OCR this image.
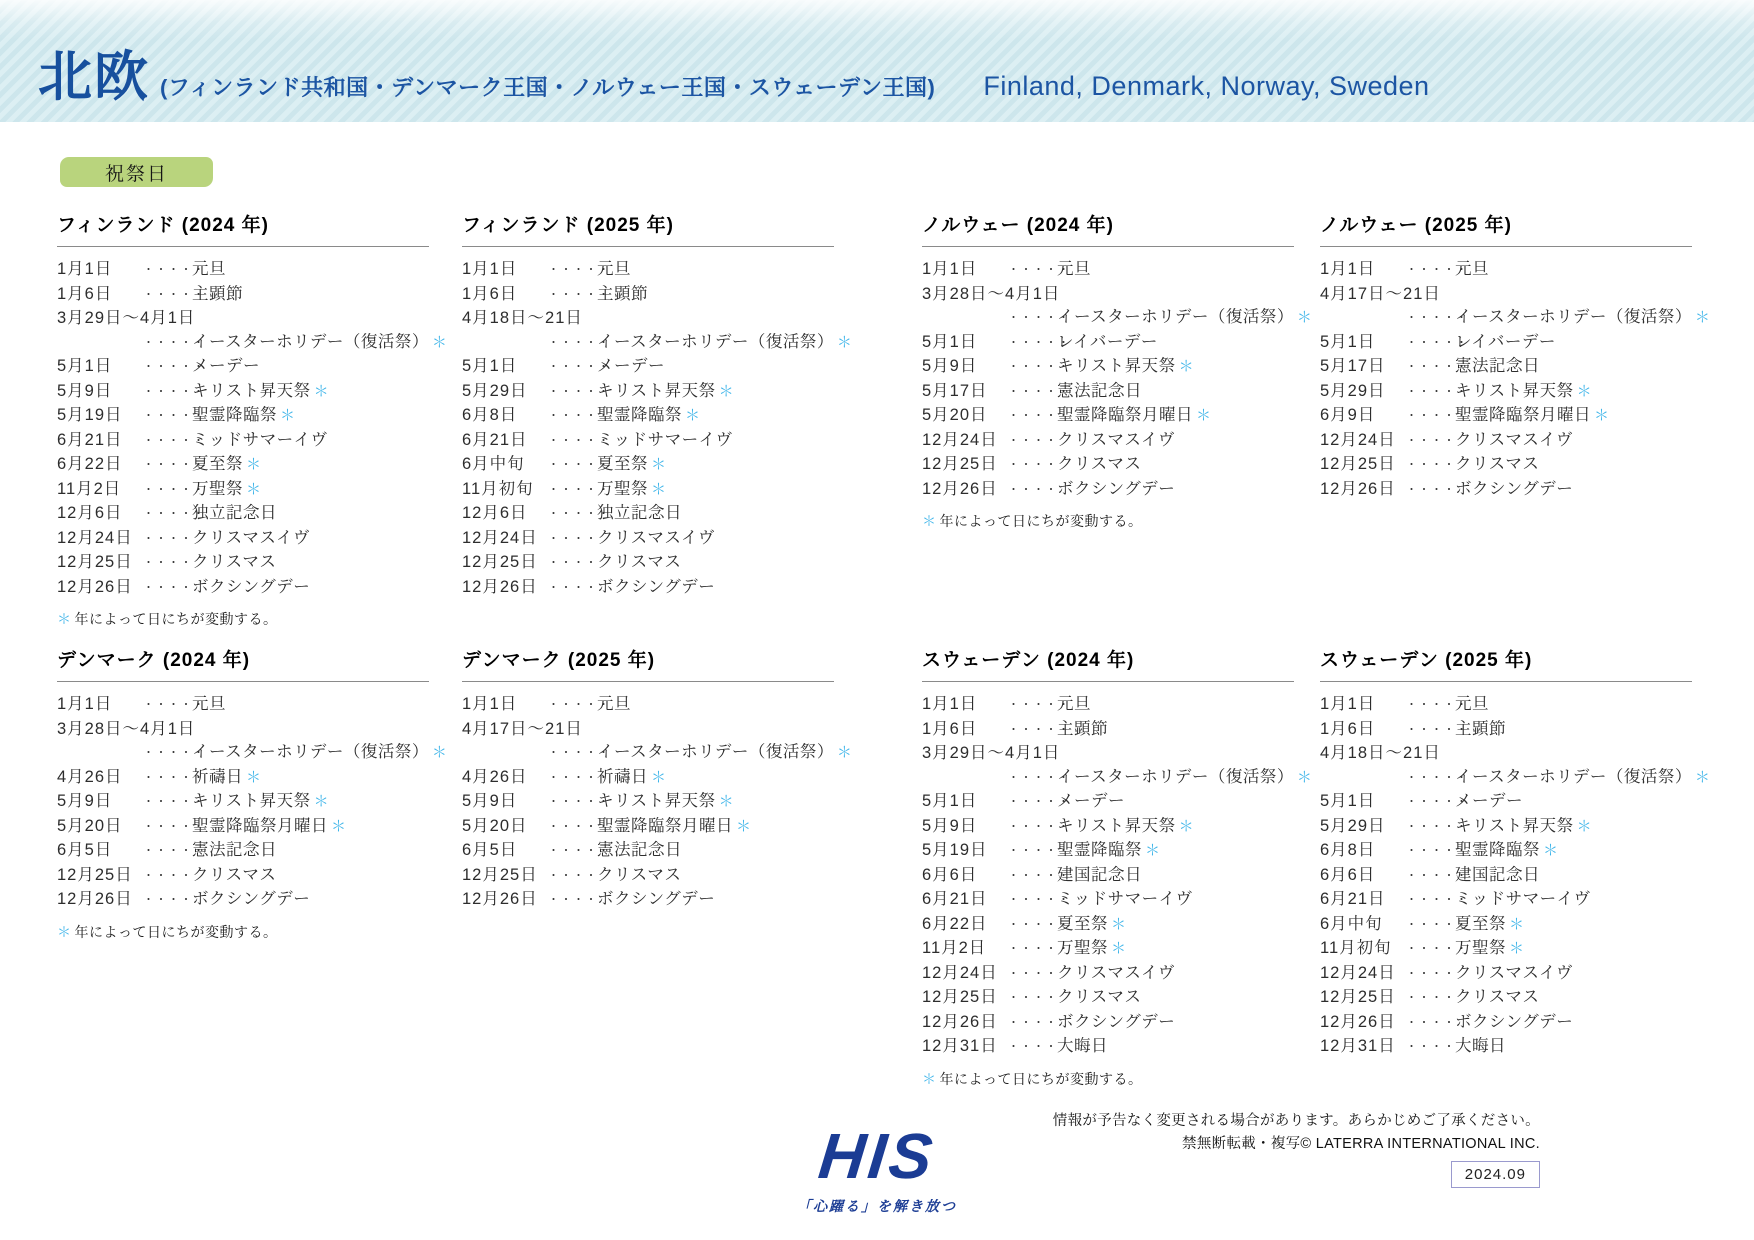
北欧 (フィンランド共和国・デンマーク王国・ノルウェー王国・スウェーデン王国) Finland, Denmark, Norway, Sweden
祝祭日
フィンランド (2024 年)
1月1日	・・・・・元旦
1月6日	・・・・・主顕節
3月29日～4月1日
・・・・・イースターホリデー（復活祭） ＊
5月1日	・・・・・メーデー
5月9日	・・・・・キリスト昇天祭 ＊
5月19日 ・・・・・聖霊降臨祭 ＊
6月21日 ・・・・・ミッドサマーイヴ
6月22日 ・・・・・夏至祭 ＊
11月2日 ・・・・・万聖祭 ＊
12月6日 ・・・・・独立記念日
12月24日 ・・・・クリスマスイヴ
12月25日 ・・・・クリスマス
12月26日 ・・・・ボクシングデー
＊ 年によって日にちが変動する。
フィンランド (2025 年)
1月1日	・・・・・元旦
1月6日	・・・・・主顕節
4月18日～21日
・・・・・イースターホリデー（復活祭） ＊
5月1日	・・・・・メーデー
5月29日 ・・・・・キリスト昇天祭 ＊
6月8日	・・・・・聖霊降臨祭 ＊
6月21日 ・・・・・ミッドサマーイヴ
6月中旬 ・・・・・夏至祭 ＊
11月初旬 ・・・・・万聖祭 ＊
12月6日 ・・・・・独立記念日
12月24日 ・・・・クリスマスイヴ
12月25日 ・・・・クリスマス
12月26日 ・・・・ボクシングデー
ノルウェー (2024 年)
1月1日	・・・・・元旦
3月28日～4月1日
・・・・・イースターホリデー（復活祭） ＊
5月1日	・・・・・レイバーデー
5月9日	・・・・・キリスト昇天祭 ＊
5月17日 ・・・・・憲法記念日
5月20日 ・・・・・聖霊降臨祭月曜日 ＊
12月24日 ・・・・クリスマスイヴ
12月25日 ・・・・クリスマス
12月26日 ・・・・ボクシングデー
＊ 年によって日にちが変動する。
ノルウェー (2025 年)
1月1日	・・・・・元旦
4月17日～21日
・・・・・イースターホリデー（復活祭） ＊
5月1日	・・・・・レイバーデー
5月17日 ・・・・・憲法記念日
5月29日 ・・・・・キリスト昇天祭 ＊
6月9日	・・・・・聖霊降臨祭月曜日 ＊
12月24日 ・・・・クリスマスイヴ
12月25日 ・・・・クリスマス
12月26日 ・・・・ボクシングデー
デンマーク (2024 年)
1月1日	・・・・・元旦
3月28日～4月1日
・・・・・イースターホリデー（復活祭） ＊
4月26日 ・・・・・祈禱日 ＊
5月9日	・・・・・キリスト昇天祭 ＊
5月20日 ・・・・・聖霊降臨祭月曜日 ＊
6月5日	・・・・・憲法記念日
12月25日 ・・・・クリスマス
12月26日 ・・・・ボクシングデー
＊ 年によって日にちが変動する。
デンマーク (2025 年)
1月1日	・・・・・元旦
4月17日～21日
・・・・・イースターホリデー（復活祭） ＊
4月26日 ・・・・・祈禱日 ＊
5月9日	・・・・・キリスト昇天祭 ＊
5月20日 ・・・・・聖霊降臨祭月曜日 ＊
6月5日	・・・・・憲法記念日
12月25日 ・・・・クリスマス
12月26日 ・・・・ボクシングデー
スウェーデン (2024 年)
1月1日	・・・・・元旦
1月6日	・・・・・主顕節
3月29日～4月1日
・・・・・イースターホリデー（復活祭） ＊
5月1日	・・・・・メーデー
5月9日	・・・・・キリスト昇天祭 ＊
5月19日 ・・・・・聖霊降臨祭 ＊
6月6日	・・・・・建国記念日
6月21日 ・・・・・ミッドサマーイヴ
6月22日 ・・・・・夏至祭 ＊
11月2日 ・・・・・万聖祭 ＊
12月24日 ・・・・クリスマスイヴ
12月25日 ・・・・クリスマス
12月26日 ・・・・ボクシングデー
12月31日 ・・・・大晦日
＊ 年によって日にちが変動する。
スウェーデン (2025 年)
1月1日	・・・・・元旦
1月6日	・・・・・主顕節
4月18日～21日
・・・・・イースターホリデー（復活祭） ＊
5月1日	・・・・・メーデー
5月29日 ・・・・・キリスト昇天祭 ＊
6月8日	・・・・・聖霊降臨祭 ＊
6月6日	・・・・・建国記念日
6月21日 ・・・・・ミッドサマーイヴ
6月中旬 ・・・・・夏至祭 ＊
11月初旬 ・・・・・万聖祭 ＊
12月24日 ・・・・クリスマスイヴ
12月25日 ・・・・クリスマス
12月26日 ・・・・ボクシングデー
12月31日 ・・・・大晦日
HIS
「心躍る」を解き放つ
情報が予告なく変更される場合があります。あらかじめご了承ください。
禁無断転載・複写© LATERRA INTERNATIONAL INC.
2024.09
